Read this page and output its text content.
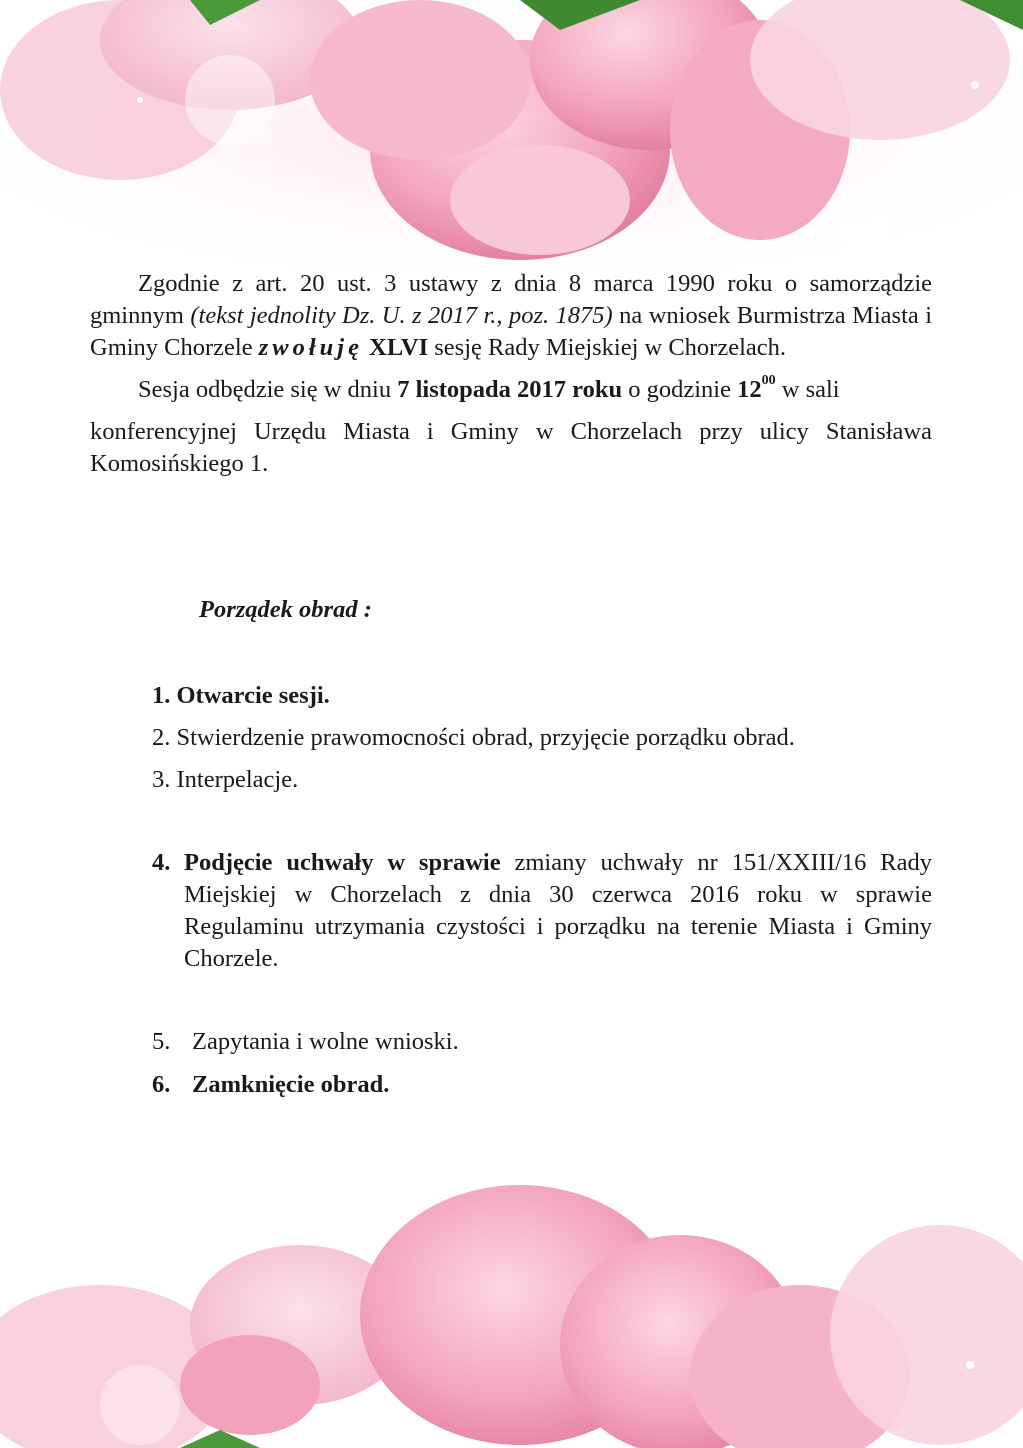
Zgodnie z art. 20 ust. 3 ustawy z dnia 8 marca 1990 roku o samorządzie gminnym (tekst jednolity Dz. U. z 2017 r., poz. 1875) na wniosek Burmistrza Miasta i Gminy Chorzele zwołuję XLVI sesję Rady Miejskiej w Chorzelach.

Sesja odbędzie się w dniu 7 listopada 2017 roku o godzinie $12^{00}$ w sali

konferencyjnej Urzędu Miasta i Gminy w Chorzelach przy ulicy Stanisława Komosińskiego 1.

Porządek obrad :
1. Otwarcie sesji.
2. Stwierdzenie prawomocności obrad, przyjęcie porządku obrad.
3. Interpelacje.
4. Podjęcie uchwały w sprawie zmiany uchwały nr 151/XXIII/16 Rady Miejskiej w Chorzelach z dnia 30 czerwca 2016 roku w sprawie Regulaminu utrzymania czystości i porządku na terenie Miasta i Gminy Chorzele.
5. Zapytania i wolne wnioski.
6. Zamknięcie obrad.
